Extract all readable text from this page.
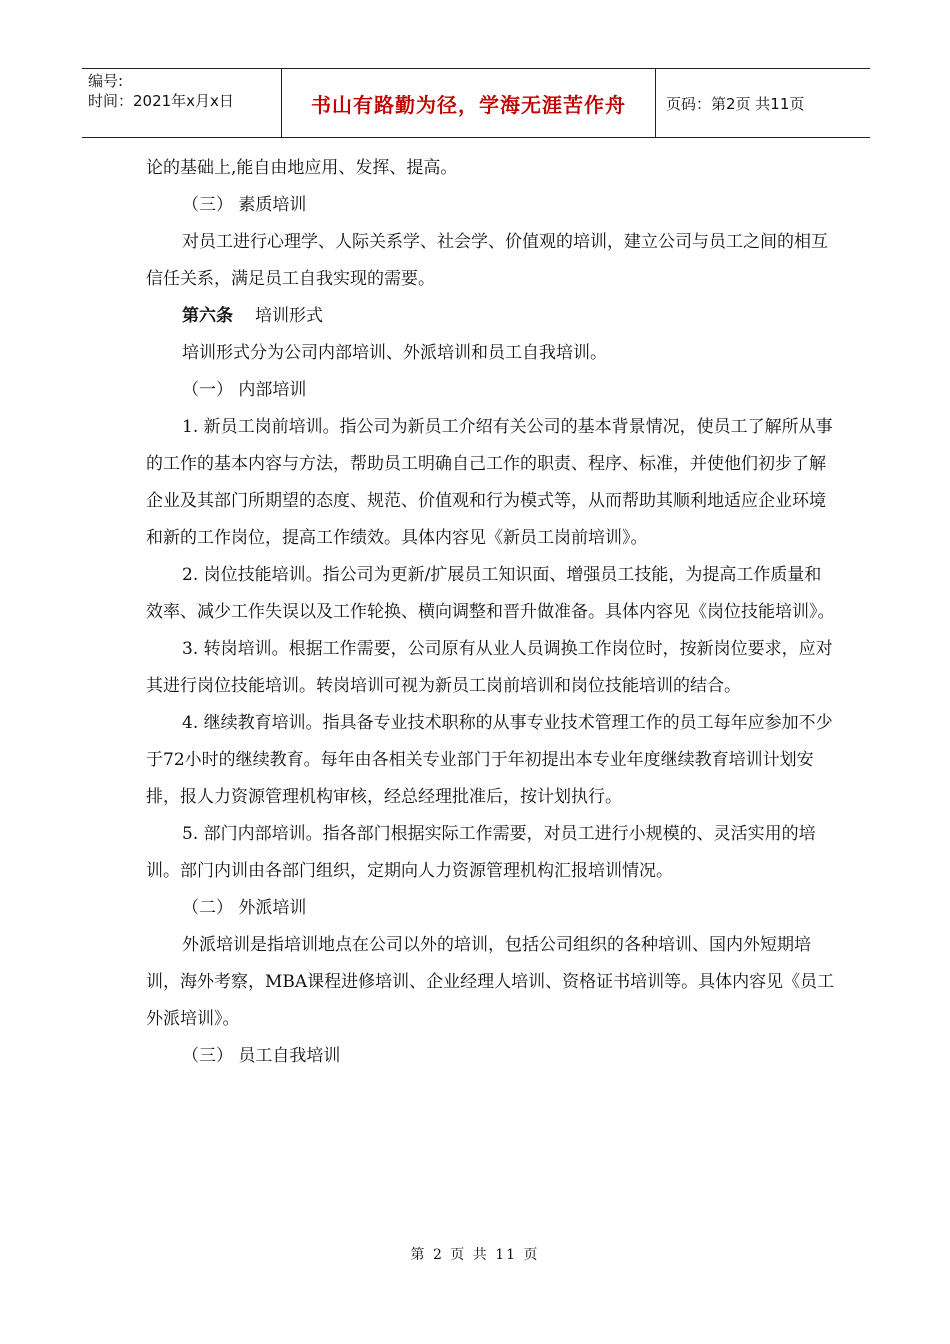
编号:
时间：2021年x月x日	书山有路勤为径，学海无涯苦作舟	页码：第2页 共11页

论的基础上,能自由地应用、发挥、提高。

（三） 素质培训

对员工进行心理学、人际关系学、社会学、价值观的培训，建立公司与员工之间的相互信任关系，满足员工自我实现的需要。

第六条 培训形式

培训形式分为公司内部培训、外派培训和员工自我培训。

（一） 内部培训

1. 新员工岗前培训。指公司为新员工介绍有关公司的基本背景情况，使员工了解所从事的工作的基本内容与方法，帮助员工明确自己工作的职责、程序、标准，并使他们初步了解企业及其部门所期望的态度、规范、价值观和行为模式等，从而帮助其顺利地适应企业环境和新的工作岗位，提高工作绩效。具体内容见《新员工岗前培训》。

2. 岗位技能培训。指公司为更新/扩展员工知识面、增强员工技能，为提高工作质量和效率、减少工作失误以及工作轮换、横向调整和晋升做准备。具体内容见《岗位技能培训》。

3. 转岗培训。根据工作需要，公司原有从业人员调换工作岗位时，按新岗位要求，应对其进行岗位技能培训。转岗培训可视为新员工岗前培训和岗位技能培训的结合。

4. 继续教育培训。指具备专业技术职称的从事专业技术管理工作的员工每年应参加不少于72小时的继续教育。每年由各相关专业部门于年初提出本专业年度继续教育培训计划安排，报人力资源管理机构审核，经总经理批准后，按计划执行。

5. 部门内部培训。指各部门根据实际工作需要，对员工进行小规模的、灵活实用的培训。部门内训由各部门组织，定期向人力资源管理机构汇报培训情况。

（二） 外派培训

外派培训是指培训地点在公司以外的培训，包括公司组织的各种培训、国内外短期培训，海外考察，MBA课程进修培训、企业经理人培训、资格证书培训等。具体内容见《员工外派培训》。

（三） 员工自我培训

第 2 页 共 11 页
